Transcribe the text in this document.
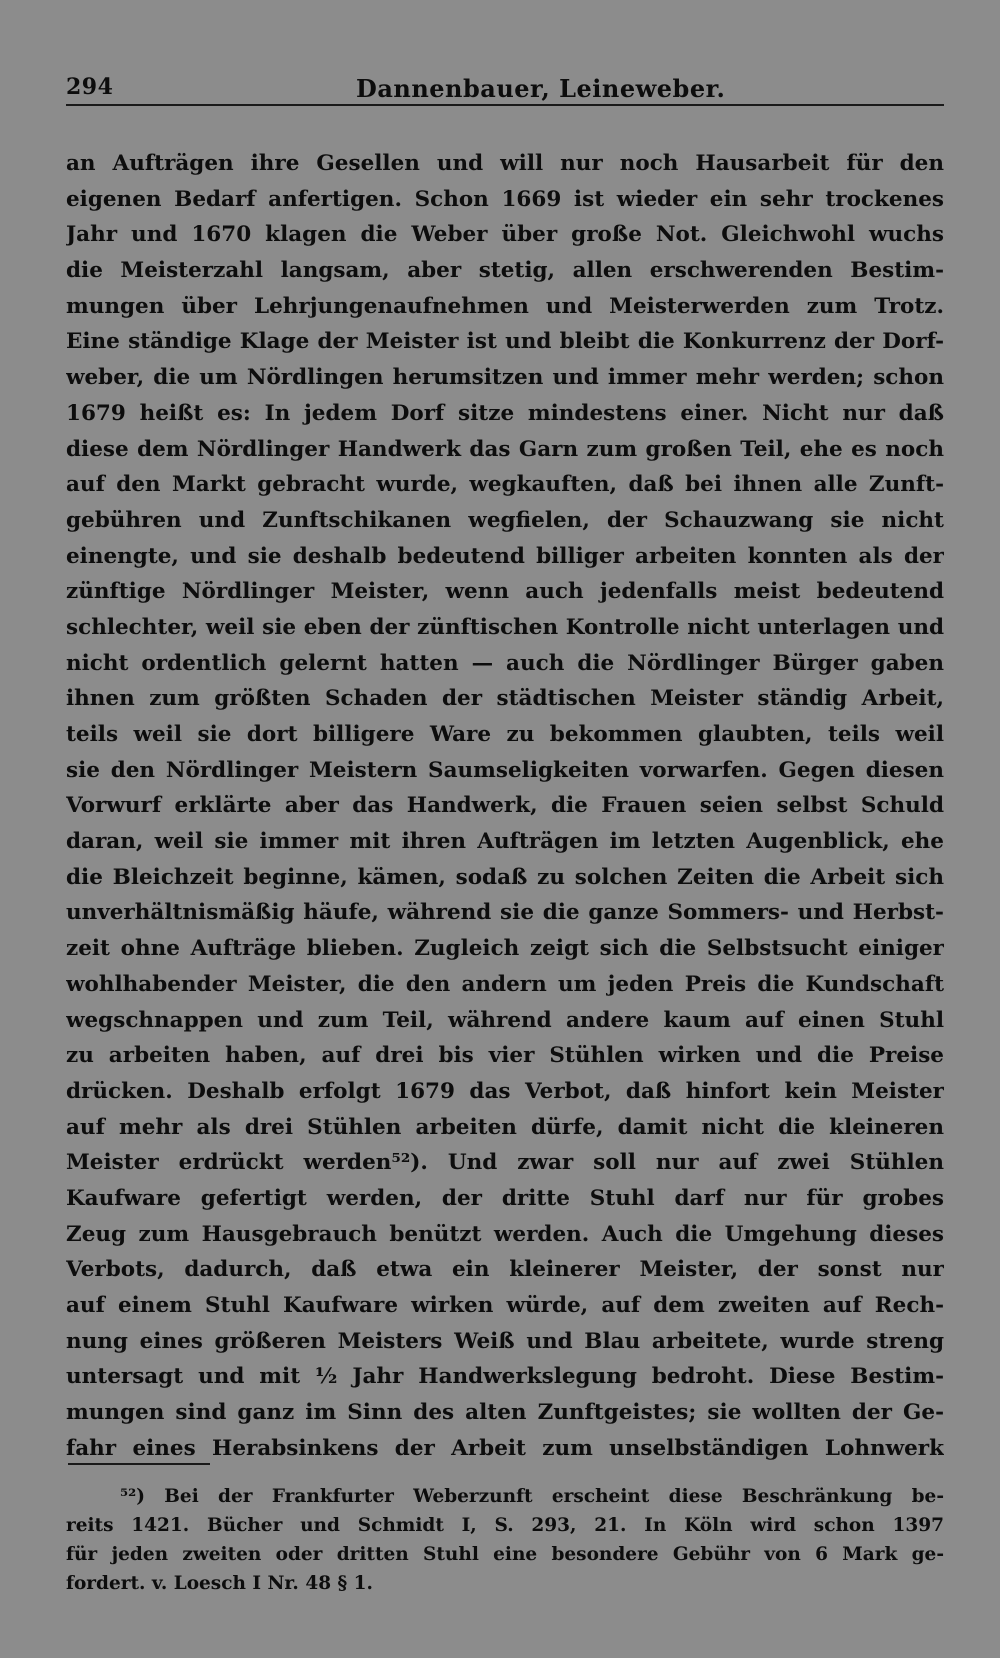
294	Dannenbauer, Leineweber.
an Aufträgen ihre Gesellen und will nur noch Hausarbeit für den
eigenen Bedarf anfertigen. Schon 1669 ist wieder ein sehr trockenes
Jahr und 1670 klagen die Weber über große Not. Gleichwohl wuchs
die Meisterzahl langsam, aber stetig, allen erschwerenden Bestim-
mungen über Lehrjungenaufnehmen und Meisterwerden zum Trotz.
Eine ständige Klage der Meister ist und bleibt die Konkurrenz der Dorf-
weber, die um Nördlingen herumsitzen und immer mehr werden; schon
1679 heißt es: In jedem Dorf sitze mindestens einer. Nicht nur daß
diese dem Nördlinger Handwerk das Garn zum großen Teil, ehe es noch
auf den Markt gebracht wurde, wegkauften, daß bei ihnen alle Zunft-
gebühren und Zunftschikanen wegfielen, der Schauzwang sie nicht
einengte, und sie deshalb bedeutend billiger arbeiten konnten als der
zünftige Nördlinger Meister, wenn auch jedenfalls meist bedeutend
schlechter, weil sie eben der zünftischen Kontrolle nicht unterlagen und
nicht ordentlich gelernt hatten — auch die Nördlinger Bürger gaben
ihnen zum größten Schaden der städtischen Meister ständig Arbeit,
teils weil sie dort billigere Ware zu bekommen glaubten, teils weil
sie den Nördlinger Meistern Saumseligkeiten vorwarfen. Gegen diesen
Vorwurf erklärte aber das Handwerk, die Frauen seien selbst Schuld
daran, weil sie immer mit ihren Aufträgen im letzten Augenblick, ehe
die Bleichzeit beginne, kämen, sodaß zu solchen Zeiten die Arbeit sich
unverhältnismäßig häufe, während sie die ganze Sommers- und Herbst-
zeit ohne Aufträge blieben. Zugleich zeigt sich die Selbstsucht einiger
wohlhabender Meister, die den andern um jeden Preis die Kundschaft
wegschnappen und zum Teil, während andere kaum auf einen Stuhl
zu arbeiten haben, auf drei bis vier Stühlen wirken und die Preise
drücken. Deshalb erfolgt 1679 das Verbot, daß hinfort kein Meister
auf mehr als drei Stühlen arbeiten dürfe, damit nicht die kleineren
Meister erdrückt werden⁵²). Und zwar soll nur auf zwei Stühlen
Kaufware gefertigt werden, der dritte Stuhl darf nur für grobes
Zeug zum Hausgebrauch benützt werden. Auch die Umgehung dieses
Verbots, dadurch, daß etwa ein kleinerer Meister, der sonst nur
auf einem Stuhl Kaufware wirken würde, auf dem zweiten auf Rech-
nung eines größeren Meisters Weiß und Blau arbeitete, wurde streng
untersagt und mit ½ Jahr Handwerkslegung bedroht. Diese Bestim-
mungen sind ganz im Sinn des alten Zunftgeistes; sie wollten der Ge-
fahr eines Herabsinkens der Arbeit zum unselbständigen Lohnwerk
⁵²) Bei der Frankfurter Weberzunft erscheint diese Beschränkung be-
reits 1421. Bücher und Schmidt I, S. 293, 21. In Köln wird schon 1397
für jeden zweiten oder dritten Stuhl eine besondere Gebühr von 6 Mark ge-
fordert. v. Loesch I Nr. 48 § 1.
